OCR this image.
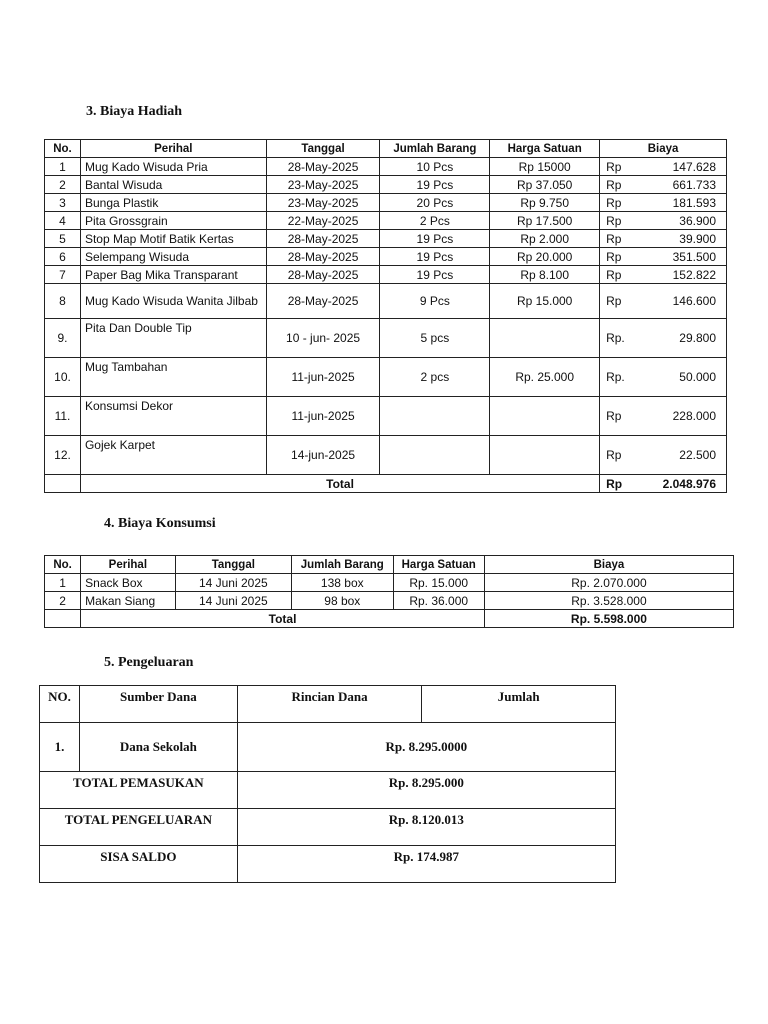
3. Biaya Hadiah
No.	Perihal	Tanggal	Jumlah Barang	Harga Satuan	Biaya
1	Mug Kado Wisuda Pria	28-May-2025	10 Pcs	Rp 15000	Rp 147.628

2	Bantal Wisuda	23-May-2025	19 Pcs	Rp 37.050	Rp 661.733

3	Bunga Plastik	23-May-2025	20 Pcs	Rp 9.750	Rp 181.593

4	Pita Grossgrain	22-May-2025	2 Pcs	Rp 17.500	Rp 36.900

5	Stop Map Motif Batik Kertas	28-May-2025	19 Pcs	Rp 2.000	Rp 39.900

6	Selempang Wisuda	28-May-2025	19 Pcs	Rp 20.000	Rp 351.500

7	Paper Bag Mika Transparant	28-May-2025	19 Pcs	Rp 8.100	Rp 152.822

8	Mug Kado Wisuda Wanita Jilbab	28-May-2025	9 Pcs	Rp 15.000	Rp 146.600

9.	Pita Dan Double Tip	10 - jun- 2025	5 pcs		Rp. 29.800

10.	Mug Tambahan	11-jun-2025	2 pcs	Rp. 25.000	Rp. 50.000

11.	Konsumsi Dekor	11-jun-2025			Rp 228.000

12.	Gojek Karpet	14-jun-2025			Rp 22.500

	Total				Rp 2.048.976
4. Biaya Konsumsi
No.	Perihal	Tanggal	Jumlah Barang	Harga Satuan	Biaya
1	Snack Box	14 Juni 2025	138 box	Rp. 15.000	Rp. 2.070.000
2	Makan Siang	14 Juni 2025	98 box	Rp. 36.000	Rp. 3.528.000
	Total				Rp. 5.598.000
5. Pengeluaran
NO.	Sumber Dana	Rincian Dana	Jumlah
1.	Dana Sekolah	Rp. 8.295.0000	
TOTAL PEMASUKAN		Rp. 8.295.000	
TOTAL PENGELUARAN		Rp. 8.120.013	
SISA SALDO		Rp. 174.987	
